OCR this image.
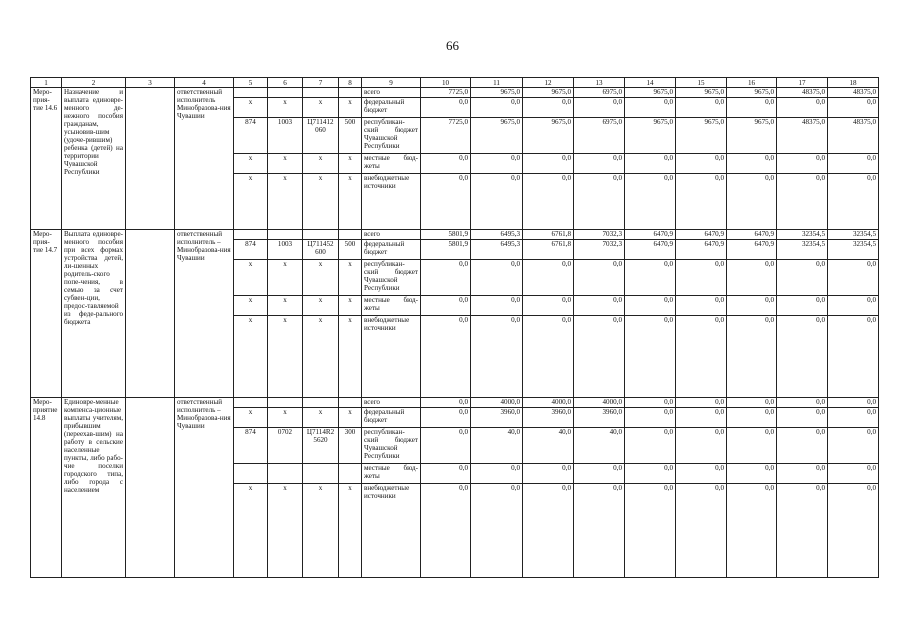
66
1	2	3	4	5	6	7	8	9	10	11	12	13	14	15	16	17	18
Меро-
прия-
тие 14.6	Назначение и выплата единовре-менного де-нежного пособия гражданам, усыновив-шим (удоче-рившим) ребенка (детей) на территории Чувашской Республики		ответственный исполнитель Минобразова-ния Чувашии					всего	7725,0	9675,0	9675,0	6975,0	9675,0	9675,0	9675,0	48375,0	48375,0
				x	x	x	x	федеральный бюджет	0,0	0,0	0,0	0,0	0,0	0,0	0,0	0,0	0,0
				874	1003	Ц711412 060	500	республикан-ский бюджет Чувашской Республики	7725,0	9675,0	9675,0	6975,0	9675,0	9675,0	9675,0	48375,0	48375,0
				x	x	x	x	местные бюд-жеты	0,0	0,0	0,0	0,0	0,0	0,0	0,0	0,0	0,0
				x	x	x	x	внебюджетные источники	0,0	0,0	0,0	0,0	0,0	0,0	0,0	0,0	0,0
Меро-
прия-
тие 14.7	Выплата единовре-менного пособия при всех формах устройства детей, ли-шенных родитель-ского попе-чения, в семью за счет субвен-ции, предос-тавляемой из феде-рального бюджета		ответственный исполнитель – Минобразова-ния Чувашии					всего	5801,9	6495,3	6761,8	7032,3	6470,9	6470,9	6470,9	32354,5	32354,5
				874	1003	Ц711452 600	500	федеральный бюджет	5801,9	6495,3	6761,8	7032,3	6470,9	6470,9	6470,9	32354,5	32354,5
				x	x	x	x	республикан-ский бюджет Чувашской Республики	0,0	0,0	0,0	0,0	0,0	0,0	0,0	0,0	0,0
				x	x	x	x	местные бюд-жеты	0,0	0,0	0,0	0,0	0,0	0,0	0,0	0,0	0,0
				x	x	x	x	внебюджетные источники	0,0	0,0	0,0	0,0	0,0	0,0	0,0	0,0	0,0
Меро-
приятие
14.8	Единовре-менные компенса-ционные выплаты учителям, прибывшим (переехав-шим) на работу в сельские населенные пункты, либо рабо-чие поселки городского типа, либо города с населением		ответственный исполнитель – Минобразова-ния Чувашии					всего	0,0	4000,0	4000,0	4000,0	0,0	0,0	0,0	0,0	0,0
				x	x	x	x	федеральный бюджет	0,0	3960,0	3960,0	3960,0	0,0	0,0	0,0	0,0	0,0
				874	0702	Ц7114R2 5620	300	республикан-ский бюджет Чувашской Республики	0,0	40,0	40,0	40,0	0,0	0,0	0,0	0,0	0,0
								местные бюд-жеты	0,0	0,0	0,0	0,0	0,0	0,0	0,0	0,0	0,0
				x	x	x	x	внебюджетные источники	0,0	0,0	0,0	0,0	0,0	0,0	0,0	0,0	0,0
